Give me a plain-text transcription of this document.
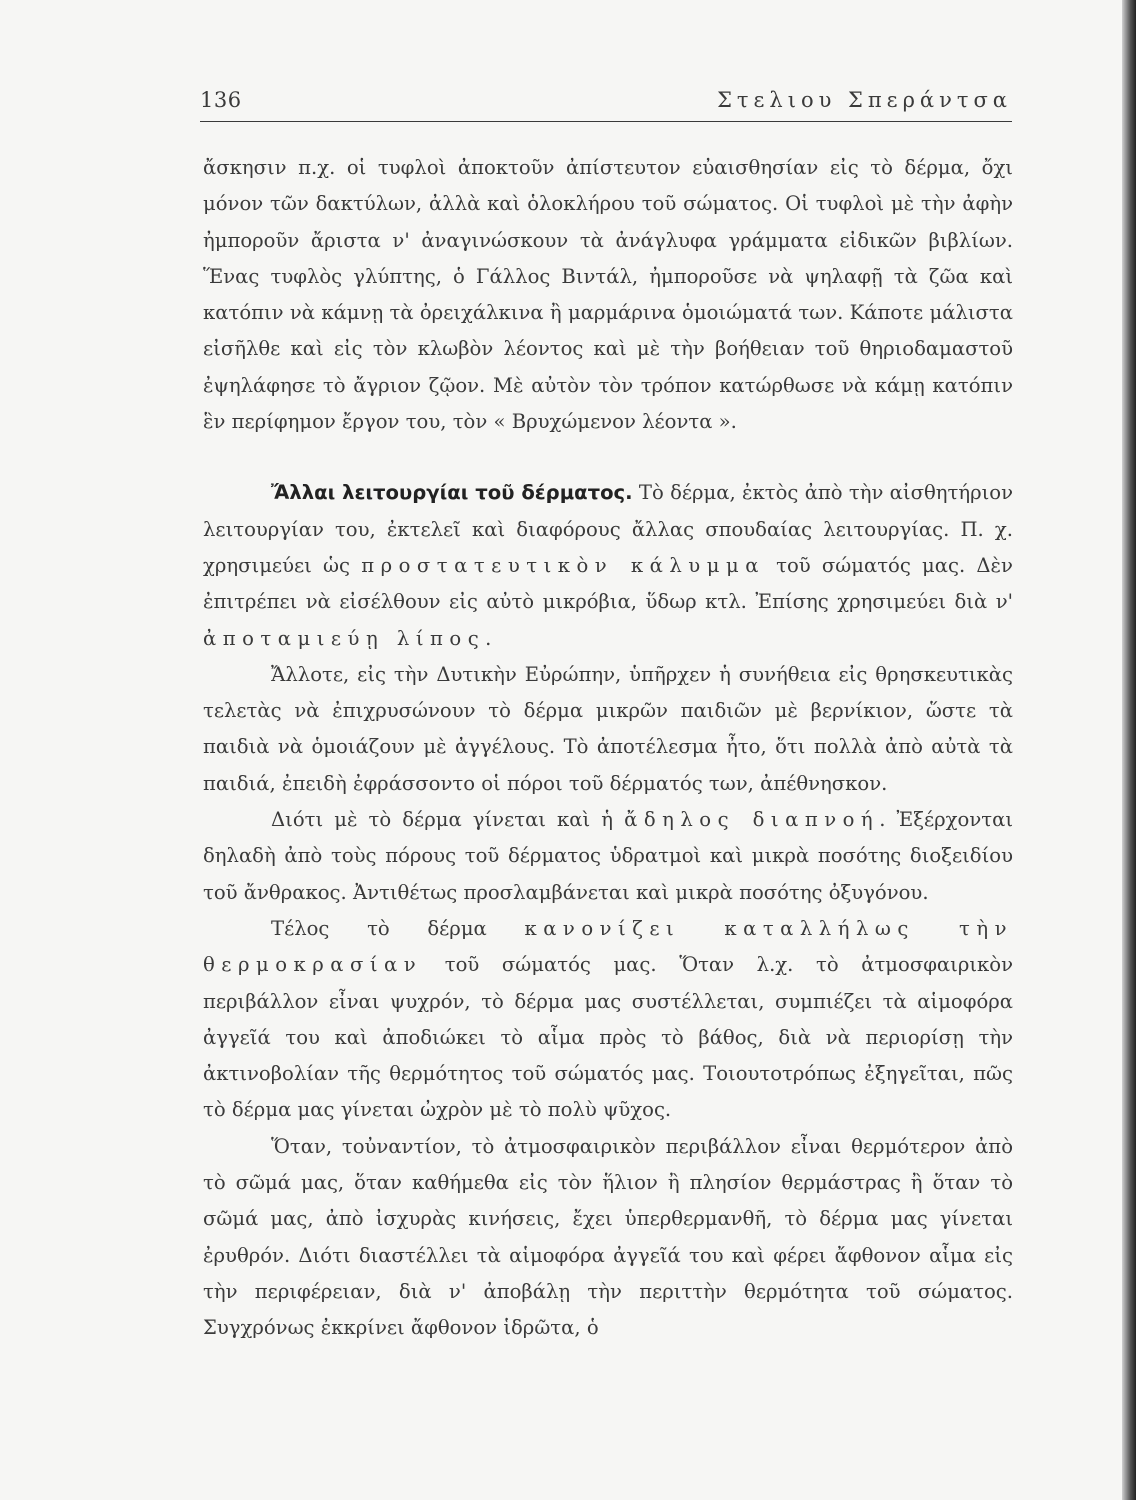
136	Στελιου Σπεράντσα

ἄσκησιν π.χ. οἱ τυφλοὶ ἀποκτοῦν ἀπίστευτον εὐαισθησίαν εἰς τὸ δέρμα, ὄχι μόνον τῶν δακτύλων, ἀλλὰ καὶ ὁλοκλήρου τοῦ σώματος. Οἱ τυφλοὶ μὲ τὴν ἀφὴν ἠμποροῦν ἄριστα ν' ἀναγινώσκουν τὰ ἀνάγλυφα γράμματα εἰδικῶν βιβλίων. Ἕνας τυφλὸς γλύπτης, ὁ Γάλλος Βιντάλ, ἠμποροῦσε νὰ ψηλαφῇ τὰ ζῶα καὶ κατόπιν νὰ κάμνῃ τὰ ὀρειχάλκινα ἢ μαρμάρινα ὁμοιώματά των. Κάποτε μάλιστα εἰσῆλθε καὶ εἰς τὸν κλωβὸν λέοντος καὶ μὲ τὴν βοήθειαν τοῦ θηριοδαμαστοῦ ἐψηλάφησε τὸ ἄγριον ζῷον. Μὲ αὐτὸν τὸν τρόπον κατώρθωσε νὰ κάμῃ κατόπιν ἓν περίφημον ἔργον του, τὸν « Βρυχώμενον λέοντα ».

Ἄλλαι λειτουργίαι τοῦ δέρματος. Τὸ δέρμα, ἐκτὸς ἀπὸ τὴν αἰσθητήριον λειτουργίαν του, ἐκτελεῖ καὶ διαφόρους ἄλλας σπουδαίας λειτουργίας. Π. χ. χρησιμεύει ὡς προστατευτικὸν κάλυμμα τοῦ σώματός μας. Δὲν ἐπιτρέπει νὰ εἰσέλθουν εἰς αὐτὸ μικρόβια, ὕδωρ κτλ. Ἐπίσης χρησιμεύει διὰ ν' ἀποταμιεύῃ λίπος.

Ἄλλοτε, εἰς τὴν Δυτικὴν Εὐρώπην, ὑπῆρχεν ἡ συνήθεια εἰς θρησκευτικὰς τελετὰς νὰ ἐπιχρυσώνουν τὸ δέρμα μικρῶν παιδιῶν μὲ βερνίκιον, ὥστε τὰ παιδιὰ νὰ ὁμοιάζουν μὲ ἀγγέλους. Τὸ ἀποτέλεσμα ἦτο, ὅτι πολλὰ ἀπὸ αὐτὰ τὰ παιδιά, ἐπειδὴ ἐφράσσοντο οἱ πόροι τοῦ δέρματός των, ἀπέθνησκον.

Διότι μὲ τὸ δέρμα γίνεται καὶ ἡ ἄδηλος διαπνοή. Ἐξέρχονται δηλαδὴ ἀπὸ τοὺς πόρους τοῦ δέρματος ὑδρατμοὶ καὶ μικρὰ ποσότης διοξειδίου τοῦ ἄνθρακος. Ἀντιθέτως προσλαμβάνεται καὶ μικρὰ ποσότης ὀξυγόνου.

Τέλος τὸ δέρμα κανονίζει καταλλήλως τὴν θερμοκρασίαν τοῦ σώματός μας. Ὅταν λ.χ. τὸ ἀτμοσφαιρικὸν περιβάλλον εἶναι ψυχρόν, τὸ δέρμα μας συστέλλεται, συμπιέζει τὰ αἱμοφόρα ἀγγεῖά του καὶ ἀποδιώκει τὸ αἷμα πρὸς τὸ βάθος, διὰ νὰ περιορίσῃ τὴν ἀκτινοβολίαν τῆς θερμότητος τοῦ σώματός μας. Τοιουτοτρόπως ἐξηγεῖται, πῶς τὸ δέρμα μας γίνεται ὠχρὸν μὲ τὸ πολὺ ψῦχος.

Ὅταν, τοὐναντίον, τὸ ἀτμοσφαιρικὸν περιβάλλον εἶναι θερμότερον ἀπὸ τὸ σῶμά μας, ὅταν καθήμεθα εἰς τὸν ἥλιον ἢ πλησίον θερμάστρας ἢ ὅταν τὸ σῶμά μας, ἀπὸ ἰσχυρὰς κινήσεις, ἔχει ὑπερθερμανθῆ, τὸ δέρμα μας γίνεται ἐρυθρόν. Διότι διαστέλλει τὰ αἱμοφόρα ἀγγεῖά του καὶ φέρει ἄφθονον αἷμα εἰς τὴν περιφέρειαν, διὰ ν' ἀποβάλῃ τὴν περιττὴν θερμότητα τοῦ σώματος. Συγχρόνως ἐκκρίνει ἄφθονον ἱδρῶτα, ὁ
